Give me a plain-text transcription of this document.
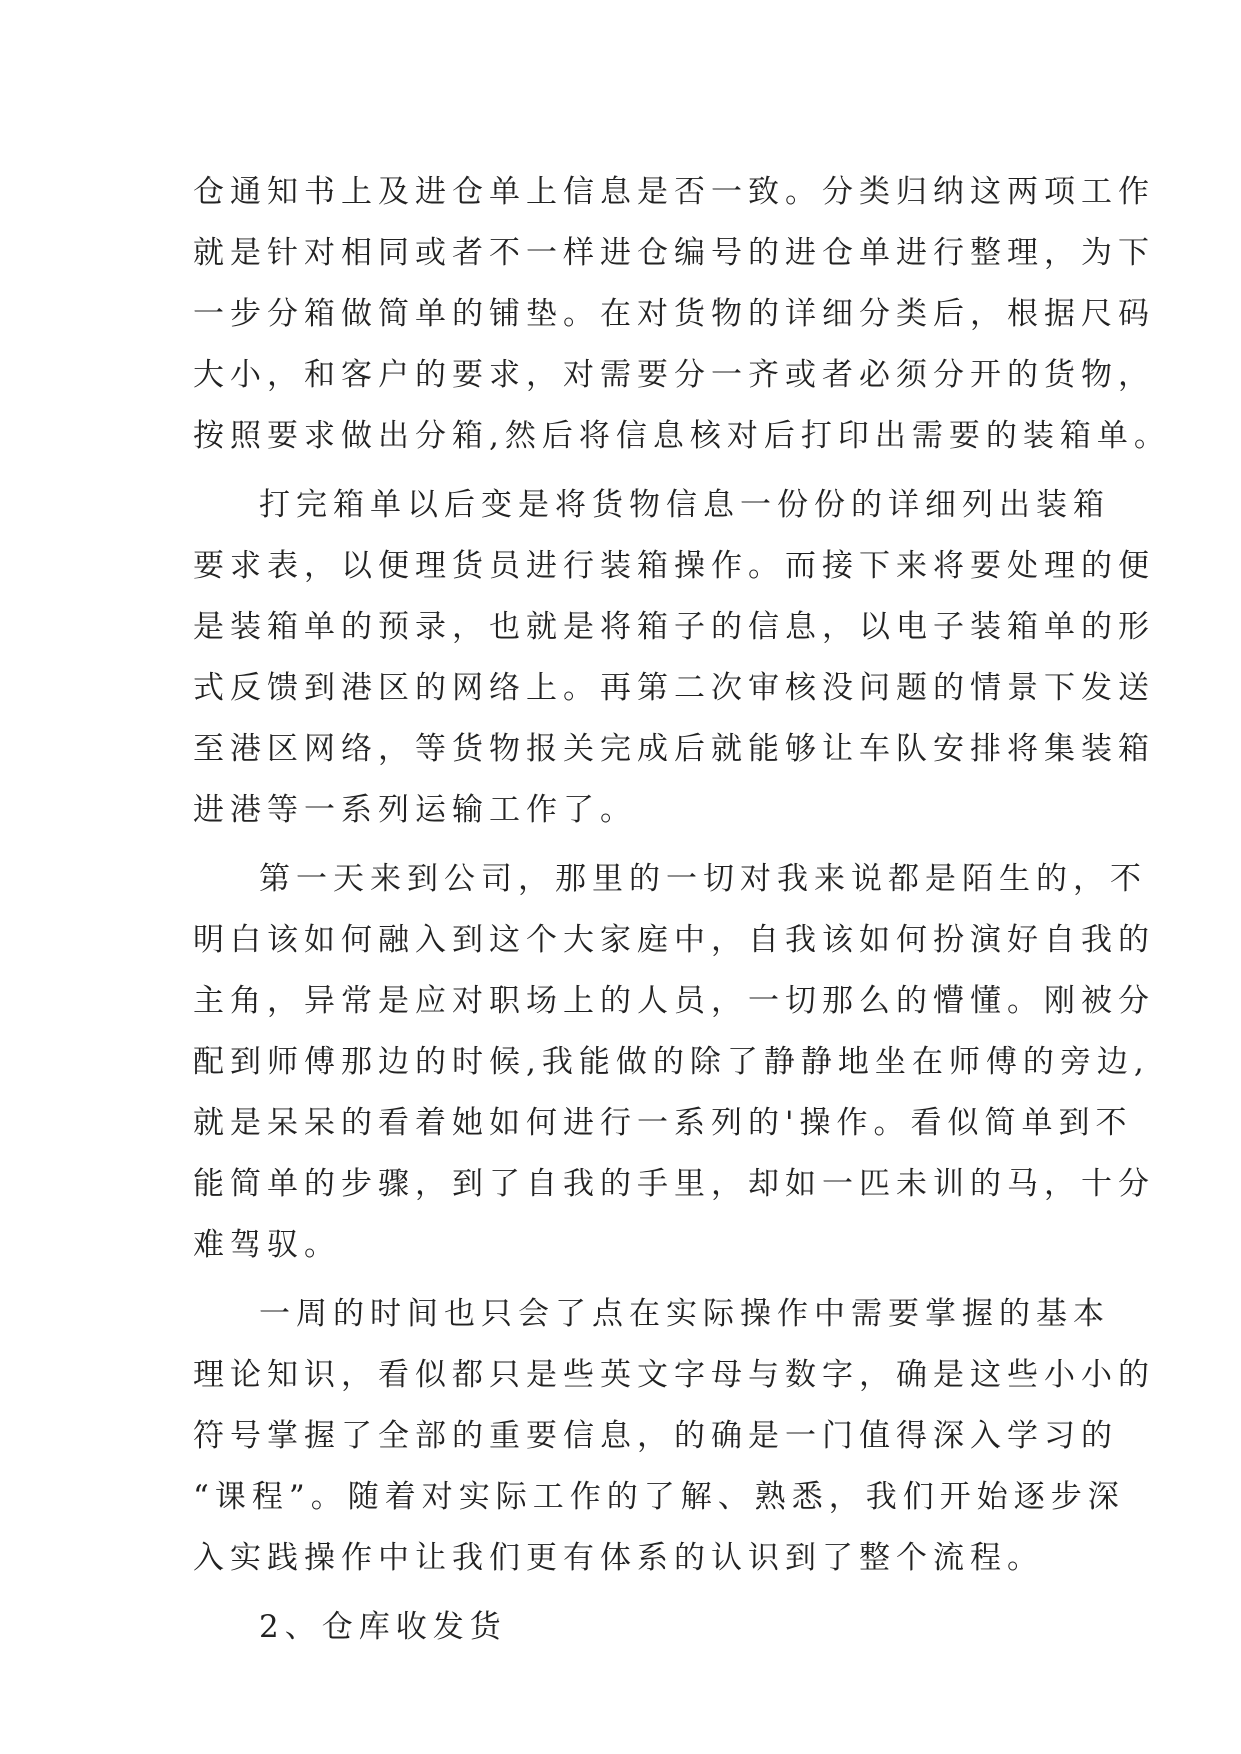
仓通知书上及进仓单上信息是否一致。分类归纳这两项工作
就是针对相同或者不一样进仓编号的进仓单进行整理，为下
一步分箱做简单的铺垫。在对货物的详细分类后，根据尺码
大小，和客户的要求，对需要分一齐或者必须分开的货物，
按照要求做出分箱,然后将信息核对后打印出需要的装箱单。
打完箱单以后变是将货物信息一份份的详细列出装箱
要求表，以便理货员进行装箱操作。而接下来将要处理的便
是装箱单的预录，也就是将箱子的信息，以电子装箱单的形
式反馈到港区的网络上。再第二次审核没问题的情景下发送
至港区网络，等货物报关完成后就能够让车队安排将集装箱
进港等一系列运输工作了。
第一天来到公司，那里的一切对我来说都是陌生的，不
明白该如何融入到这个大家庭中，自我该如何扮演好自我的
主角，异常是应对职场上的人员，一切那么的懵懂。刚被分
配到师傅那边的时候,我能做的除了静静地坐在师傅的旁边,
就是呆呆的看着她如何进行一系列的'操作。看似简单到不
能简单的步骤，到了自我的手里，却如一匹未训的马，十分
难驾驭。
一周的时间也只会了点在实际操作中需要掌握的基本
理论知识，看似都只是些英文字母与数字，确是这些小小的
符号掌握了全部的重要信息，的确是一门值得深入学习的
“课程”。随着对实际工作的了解、熟悉，我们开始逐步深
入实践操作中让我们更有体系的认识到了整个流程。
2、仓库收发货
